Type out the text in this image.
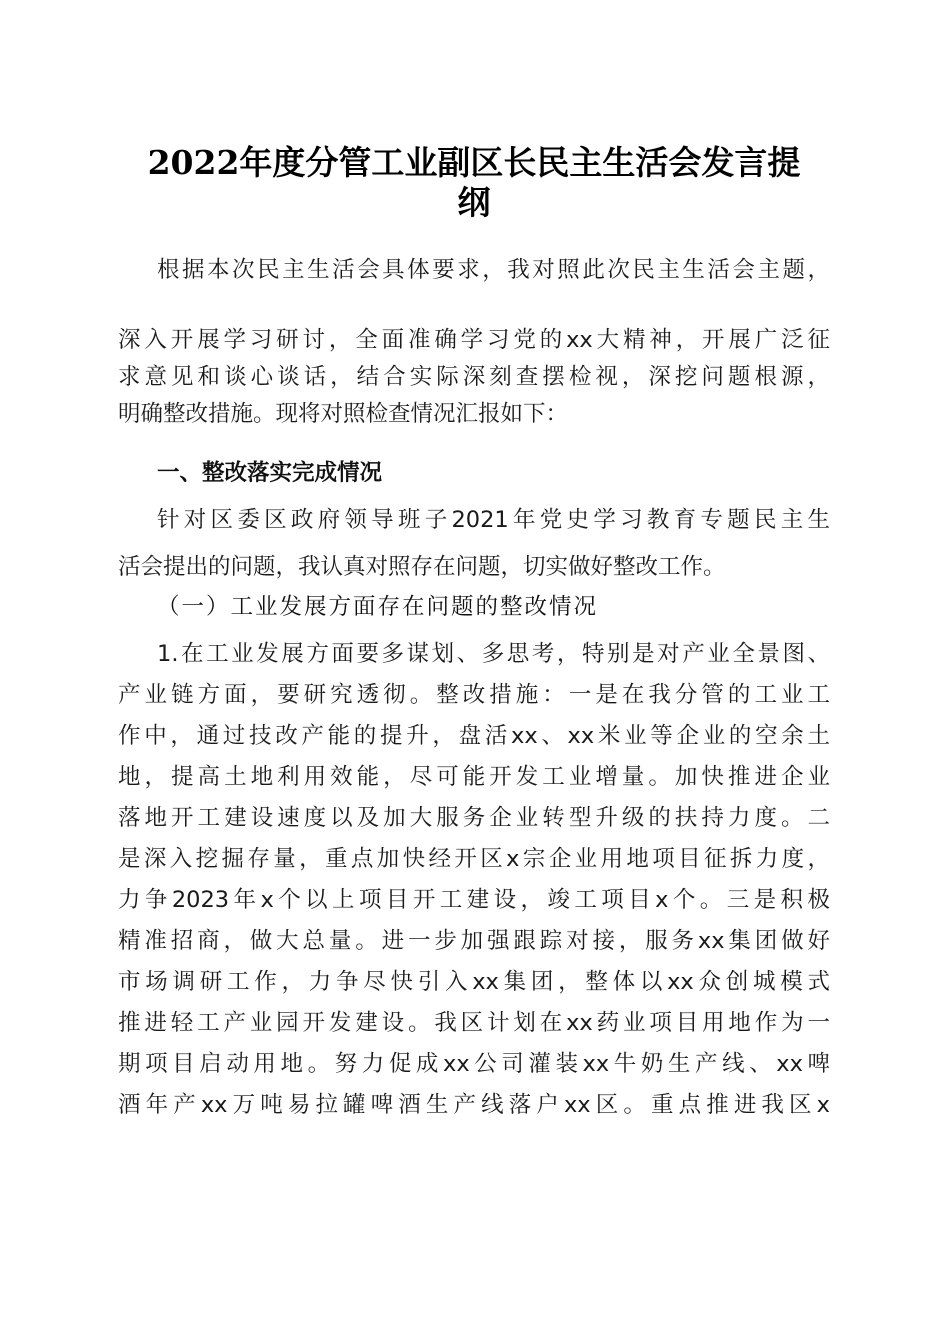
2022年度分管工业副区长民主生活会发言提
纲
根据本次民主生活会具体要求，我对照此次民主生活会主题，
深入开展学习研讨，全面准确学习党的xx大精神，开展广泛征
求意见和谈心谈话，结合实际深刻查摆检视，深挖问题根源，
明确整改措施。现将对照检查情况汇报如下：
一、整改落实完成情况
针对区委区政府领导班子2021年党史学习教育专题民主生
活会提出的问题，我认真对照存在问题，切实做好整改工作。
（一）工业发展方面存在问题的整改情况
1.在工业发展方面要多谋划、多思考，特别是对产业全景图、
产业链方面，要研究透彻。整改措施：一是在我分管的工业工
作中，通过技改产能的提升，盘活xx、xx米业等企业的空余土
地，提高土地利用效能，尽可能开发工业增量。加快推进企业
落地开工建设速度以及加大服务企业转型升级的扶持力度。二
是深入挖掘存量，重点加快经开区x宗企业用地项目征拆力度，
力争2023年x个以上项目开工建设，竣工项目x个。三是积极
精准招商，做大总量。进一步加强跟踪对接，服务xx集团做好
市场调研工作，力争尽快引入xx集团，整体以xx众创城模式
推进轻工产业园开发建设。我区计划在xx药业项目用地作为一
期项目启动用地。努力促成xx公司灌装xx牛奶生产线、xx啤
酒年产xx万吨易拉罐啤酒生产线落户xx区。重点推进我区x
